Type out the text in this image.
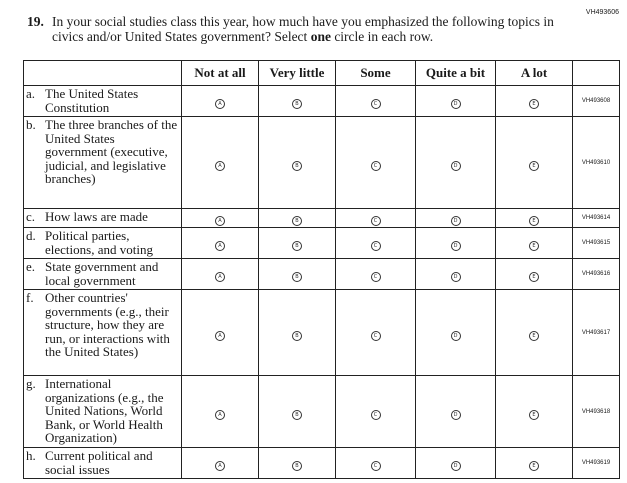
VH493606
19. In your social studies class this year, how much have you emphasized the following topics in civics and/or United States government? Select one circle in each row.
	Not at all	Very little	Some	Quite a bit	A lot	

a. The United States Constitution	A	B	C	D	E	VH493608

b. The three branches of the United States government (executive, judicial, and legislative branches)	A	B	C	D	E	VH493610

c. How laws are made	A	B	C	D	E	VH493614

d. Political parties, elections, and voting	A	B	C	D	E	VH493615

e. State government and local government	A	B	C	D	E	VH493616

f. Other countries' governments (e.g., their structure, how they are run, or interactions with the United States)	A	B	C	D	E	VH493617

g. International organizations (e.g., the United Nations, World Bank, or World Health Organization)	A	B	C	D	E	VH493618

h. Current political and social issues	A	B	C	D	E	VH493619
